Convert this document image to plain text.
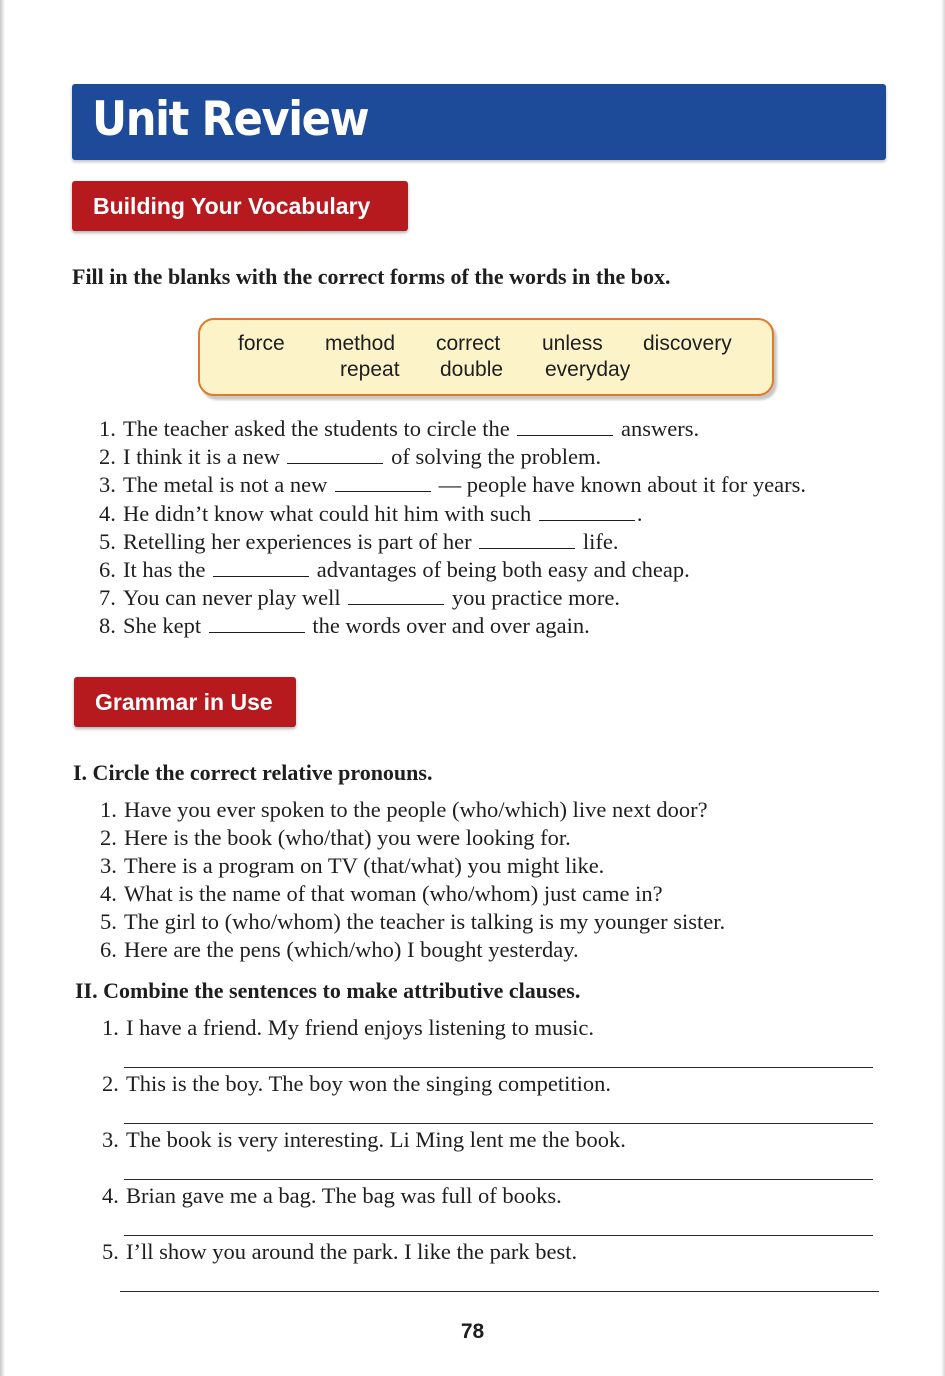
Unit Review
Building Your Vocabulary
Fill in the blanks with the correct forms of the words in the box.
force method correct unless discovery
repeat double everyday
1. The teacher asked the students to circle the	answers.
2. I think it is a new	of solving the problem.
3. The metal is not a new	— people have known about it for years.
4. He didn’t know what could hit him with such	.
5. Retelling her experiences is part of her	life.
6. It has the	advantages of being both easy and cheap.
7. You can never play well	you practice more.
8. She kept	the words over and over again.
Grammar in Use
I. Circle the correct relative pronouns.
1. Have you ever spoken to the people (who/which) live next door?
2. Here is the book (who/that) you were looking for.
3. There is a program on TV (that/what) you might like.
4. What is the name of that woman (who/whom) just came in?
5. The girl to (who/whom) the teacher is talking is my younger sister.
6. Here are the pens (which/who) I bought yesterday.
II. Combine the sentences to make attributive clauses.
1. I have a friend. My friend enjoys listening to music.
2. This is the boy. The boy won the singing competition.
3. The book is very interesting. Li Ming lent me the book.
4. Brian gave me a bag. The bag was full of books.
5. I’ll show you around the park. I like the park best.
78
